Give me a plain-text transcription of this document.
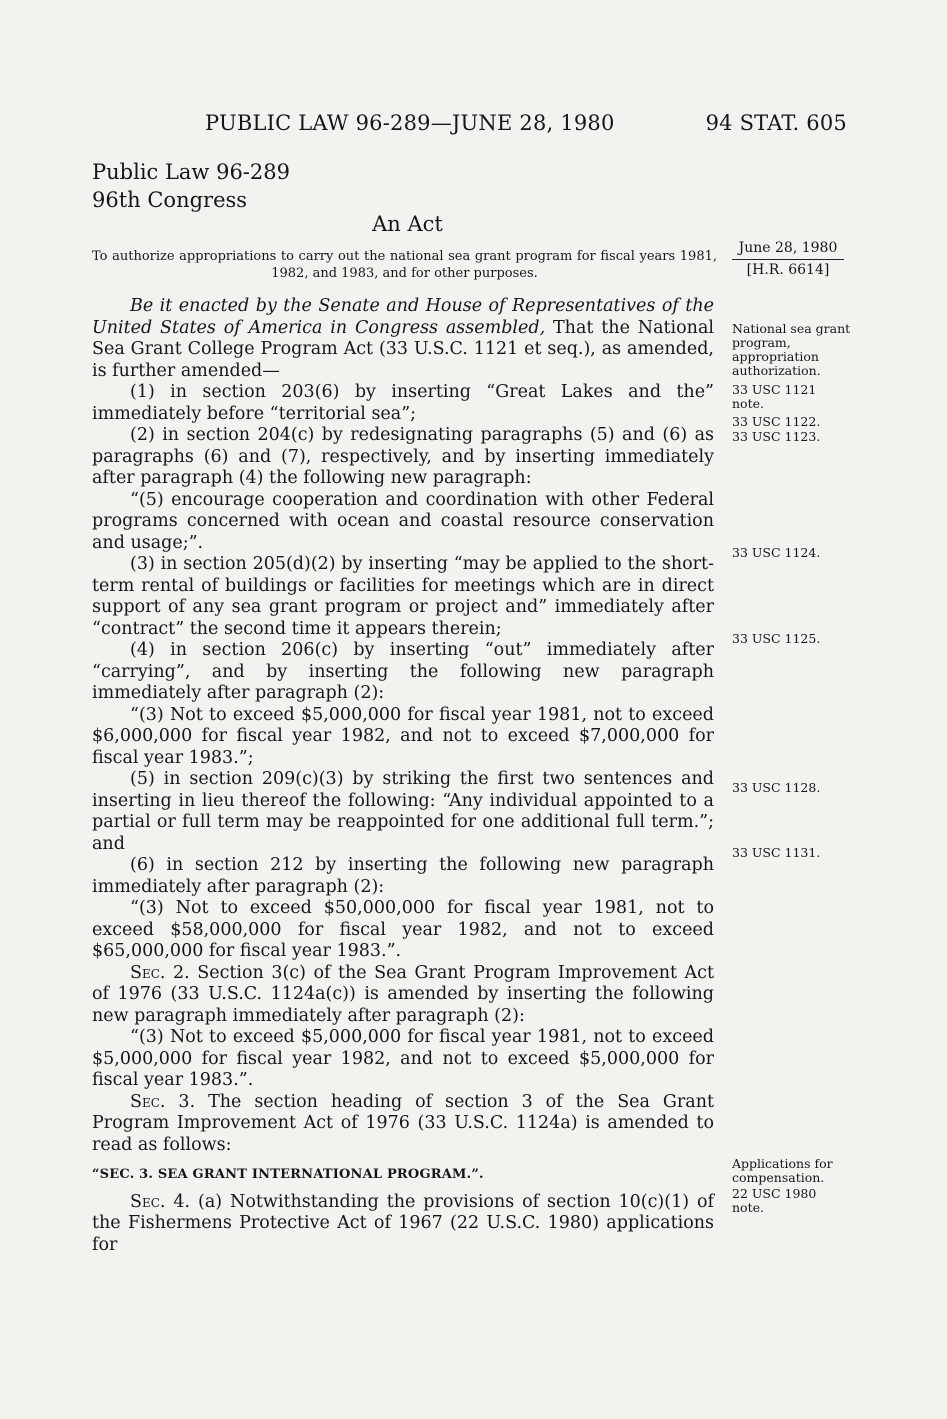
PUBLIC LAW 96-289—JUNE 28, 1980	94 STAT. 605
Public Law 96-289
96th Congress
An Act
To authorize appropriations to carry out the national sea grant program for fiscal years 1981, 1982, and 1983, and for other purposes.
June 28, 1980
[H.R. 6614]

Be it enacted by the Senate and House of Representatives of the United States of America in Congress assembled, That the National Sea Grant College Program Act (33 U.S.C. 1121 et seq.), as amended, is further amended—

(1) in section 203(6) by inserting “Great Lakes and the” immediately before “territorial sea”;

(2) in section 204(c) by redesignating paragraphs (5) and (6) as paragraphs (6) and (7), respectively, and by inserting immediately after paragraph (4) the following new paragraph:

“(5) encourage cooperation and coordination with other Federal programs concerned with ocean and coastal resource conservation and usage;”.

(3) in section 205(d)(2) by inserting “may be applied to the short-term rental of buildings or facilities for meetings which are in direct support of any sea grant program or project and” immediately after “contract” the second time it appears therein;

(4) in section 206(c) by inserting “out” immediately after “carrying”, and by inserting the following new paragraph immediately after paragraph (2):

“(3) Not to exceed $5,000,000 for fiscal year 1981, not to exceed $6,000,000 for fiscal year 1982, and not to exceed $7,000,000 for fiscal year 1983.”;

(5) in section 209(c)(3) by striking the first two sentences and inserting in lieu thereof the following: “Any individual appointed to a partial or full term may be reappointed for one additional full term.”; and

(6) in section 212 by inserting the following new paragraph immediately after paragraph (2):

“(3) Not to exceed $50,000,000 for fiscal year 1981, not to exceed $58,000,000 for fiscal year 1982, and not to exceed $65,000,000 for fiscal year 1983.”.

Sec. 2. Section 3(c) of the Sea Grant Program Improvement Act of 1976 (33 U.S.C. 1124a(c)) is amended by inserting the following new paragraph immediately after paragraph (2):

“(3) Not to exceed $5,000,000 for fiscal year 1981, not to exceed $5,000,000 for fiscal year 1982, and not to exceed $5,000,000 for fiscal year 1983.”.

Sec. 3. The section heading of section 3 of the Sea Grant Program Improvement Act of 1976 (33 U.S.C. 1124a) is amended to read as follows:

“SEC. 3. SEA GRANT INTERNATIONAL PROGRAM.”.

Sec. 4. (a) Notwithstanding the provisions of section 10(c)(1) of the Fishermens Protective Act of 1967 (22 U.S.C. 1980) applications for

National sea grant program, appropriation authorization.
33 USC 1121 note.
33 USC 1122.
33 USC 1123.
33 USC 1124.
33 USC 1125.
33 USC 1128.
33 USC 1131.
Applications for compensation.
22 USC 1980 note.
